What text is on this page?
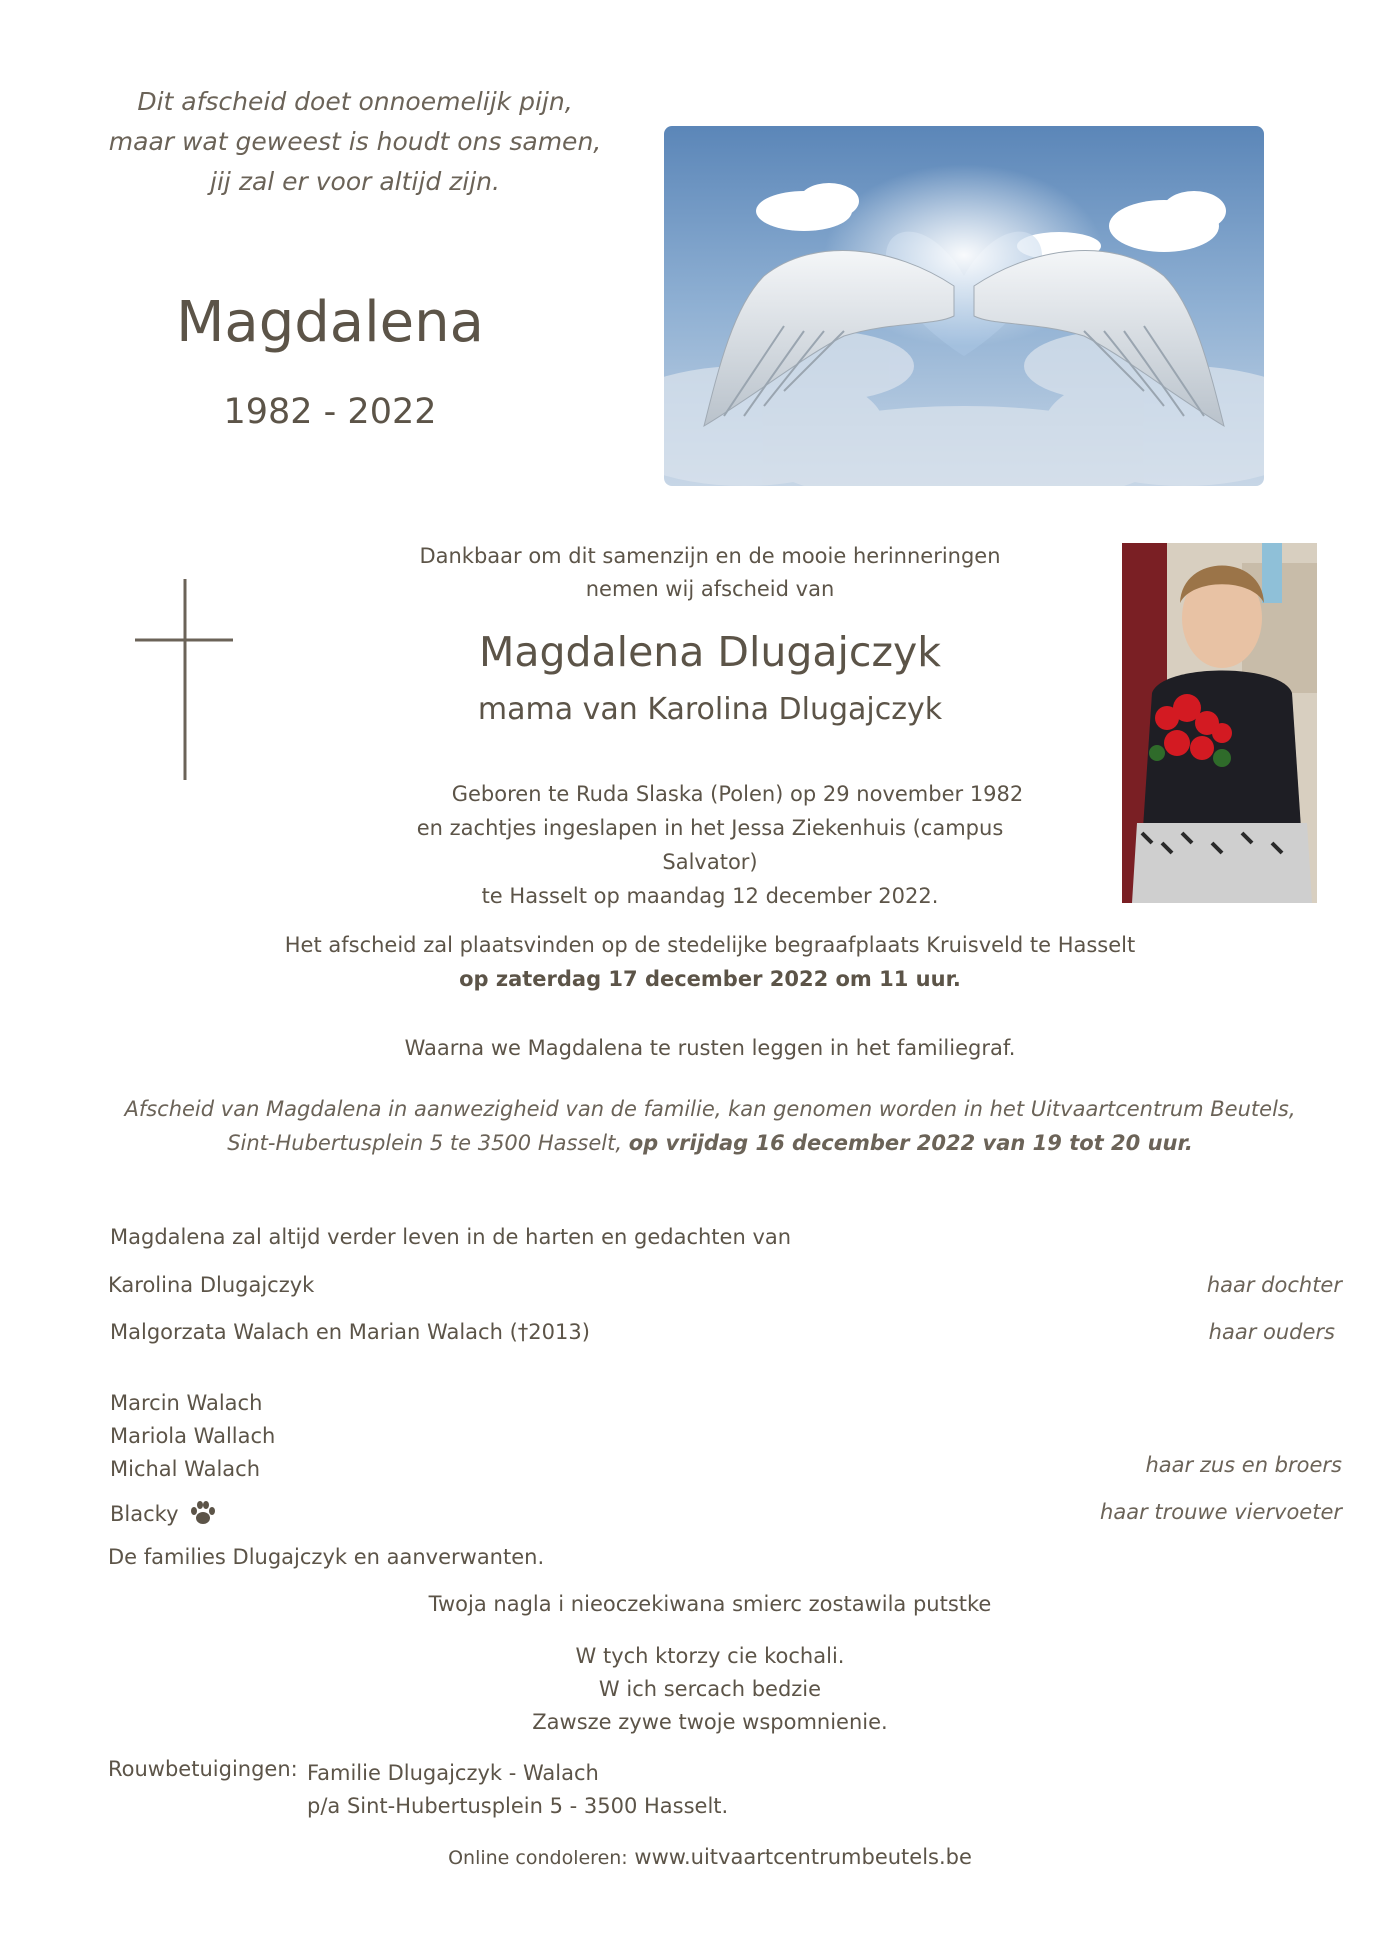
Dit afscheid doet onnoemelijk pijn,
maar wat geweest is houdt ons samen,
jij zal er voor altijd zijn.
Magdalena
1982 - 2022
Dankbaar om dit samenzijn en de mooie herinneringen
nemen wij afscheid van
Magdalena Dlugajczyk
mama van Karolina Dlugajczyk
Geboren te Ruda Slaska (Polen) op 29 november 1982
en zachtjes ingeslapen in het Jessa Ziekenhuis (campus Salvator)
te Hasselt op maandag 12 december 2022.
Het afscheid zal plaatsvinden op de stedelijke begraafplaats Kruisveld te Hasselt
op zaterdag 17 december 2022 om 11 uur.
Waarna we Magdalena te rusten leggen in het familiegraf.
Afscheid van Magdalena in aanwezigheid van de familie, kan genomen worden in het Uitvaartcentrum Beutels,
Sint-Hubertusplein 5 te 3500 Hasselt, op vrijdag 16 december 2022 van 19 tot 20 uur.
Magdalena zal altijd verder leven in de harten en gedachten van
Karolina Dlugajczyk	haar dochter
Malgorzata Walach en Marian Walach (†2013)	haar ouders
Marcin Walach
Mariola Wallach
Michal Walach	haar zus en broers
Blacky	haar trouwe viervoeter
De families Dlugajczyk en aanverwanten.
Twoja nagla i nieoczekiwana smierc zostawila putstke
W tych ktorzy cie kochali.
W ich sercach bedzie
Zawsze zywe twoje wspomnienie.
Rouwbetuigingen: Familie Dlugajczyk - Walach
p/a Sint-Hubertusplein 5 - 3500 Hasselt.
Online condoleren: www.uitvaartcentrumbeutels.be
